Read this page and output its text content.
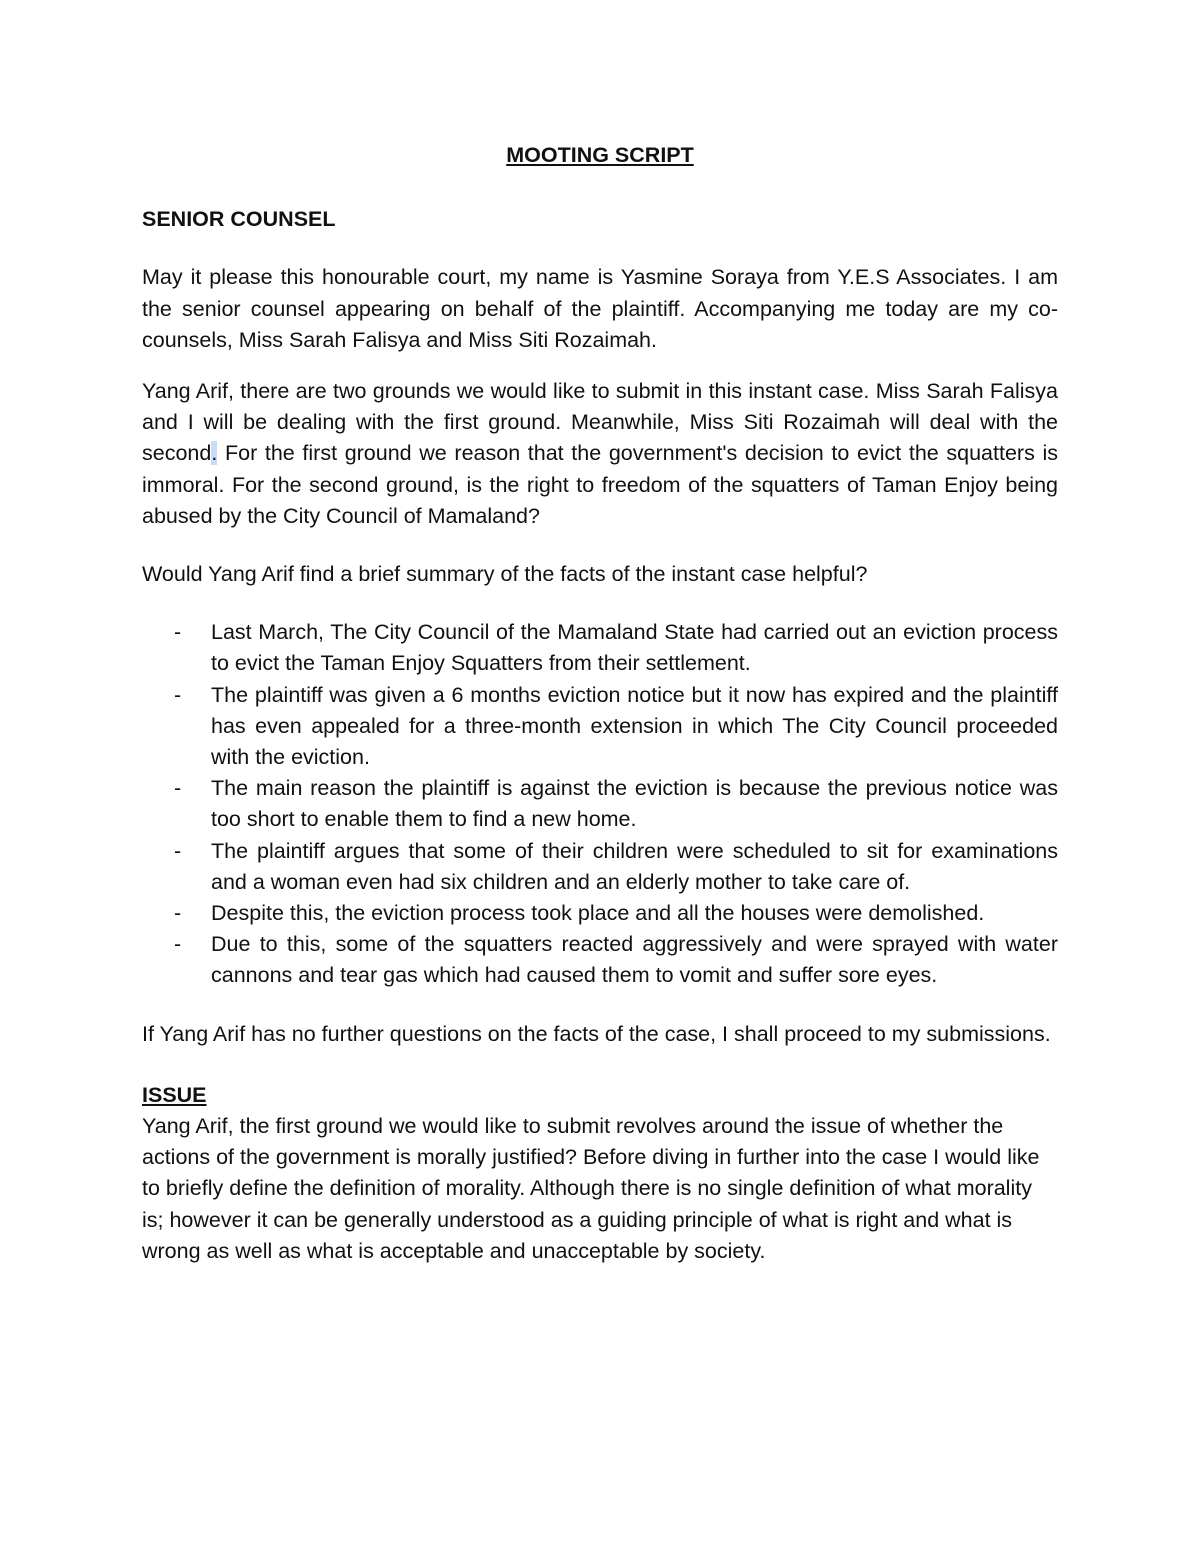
MOOTING SCRIPT

SENIOR COUNSEL

May it please this honourable court, my name is Yasmine Soraya from Y.E.S Associates. I am the senior counsel appearing on behalf of the plaintiff. Accompanying me today are my co-counsels, Miss Sarah Falisya and Miss Siti Rozaimah.

Yang Arif, there are two grounds we would like to submit in this instant case. Miss Sarah Falisya and I will be dealing with the first ground. Meanwhile, Miss Siti Rozaimah will deal with the second. For the first ground we reason that the government's decision to evict the squatters is immoral. For the second ground, is the right to freedom of the squatters of Taman Enjoy being abused by the City Council of Mamaland?

Would Yang Arif find a brief summary of the facts of the instant case helpful?

- Last March, The City Council of the Mamaland State had carried out an eviction process to evict the Taman Enjoy Squatters from their settlement.
- The plaintiff was given a 6 months eviction notice but it now has expired and the plaintiff has even appealed for a three-month extension in which The City Council proceeded with the eviction.
- The main reason the plaintiff is against the eviction is because the previous notice was too short to enable them to find a new home.
- The plaintiff argues that some of their children were scheduled to sit for examinations and a woman even had six children and an elderly mother to take care of.
- Despite this, the eviction process took place and all the houses were demolished.
- Due to this, some of the squatters reacted aggressively and were sprayed with water cannons and tear gas which had caused them to vomit and suffer sore eyes.

If Yang Arif has no further questions on the facts of the case, I shall proceed to my submissions.

ISSUE

Yang Arif, the first ground we would like to submit revolves around the issue of whether the actions of the government is morally justified? Before diving in further into the case I would like to briefly define the definition of morality. Although there is no single definition of what morality is; however it can be generally understood as a guiding principle of what is right and what is wrong as well as what is acceptable and unacceptable by society.
